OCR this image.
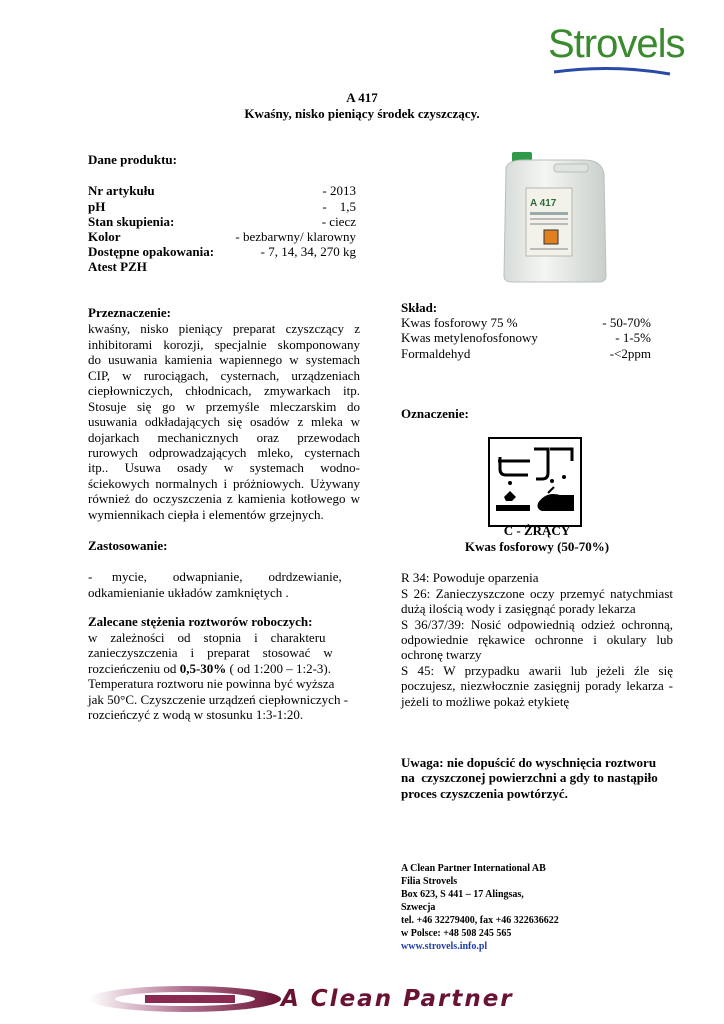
Strovels
A 417
Kwaśny, nisko pieniący środek czyszczący.
Dane produktu:
Nr artykułu	- 2013
pH	-    1,5
Stan skupienia:	- ciecz
Kolor	- bezbarwny/ klarowny
Dostępne opakowania:	- 7, 14, 34, 270 kg
Atest PZH
A 417
Przeznaczenie:
kwaśny, nisko pieniący preparat czyszczący z
inhibitorami korozji, specjalnie skomponowany
do usuwania kamienia wapiennego w systemach
CIP, w rurociągach, cysternach, urządzeniach
ciepłowniczych, chłodnicach, zmywarkach itp.
Stosuje się go w przemyśle mleczarskim do
usuwania odkładających się osadów z mleka w
dojarkach mechanicznych oraz przewodach
rurowych odprowadzających mleko, cysternach
itp.. Usuwa osady w systemach wodno-
ściekowych normalnych i próżniowych. Używany
również do oczyszczenia z kamienia kotłowego w
wymiennikach ciepła i elementów grzejnych.
Zastosowanie:
-      mycie,        odwapnianie,        odrdzewianie,
odkamienianie układów zamkniętych .
Zalecane stężenia roztworów roboczych:
w    zależności    od    stopnia    i    charakteru
zanieczyszczenia    i    preparat    stosować    w
rozcieńczeniu od 0,5-30% ( od 1:200 – 1:2-3).
Temperatura roztworu nie powinna być wyższa
jak 50°C. Czyszczenie urządzeń ciepłowniczych -
rozcieńczyć z wodą w stosunku 1:3-1:20.
Skład:
Kwas fosforowy 75 %	- 50-70%
Kwas metylenofosfonowy	- 1-5%
Formaldehyd	-<2ppm
Oznaczenie:
C - ŻRĄCY
Kwas fosforowy (50-70%)
R 34: Powoduje oparzenia
S 26: Zanieczyszczone oczy przemyć natychmiast
dużą ilością wody i zasięgnąć porady lekarza
S 36/37/39: Nosić odpowiednią odzież ochronną,
odpowiednie rękawice ochronne i okulary lub
ochronę twarzy
S 45: W przypadku awarii lub jeżeli źle się
poczujesz, niezwłocznie zasięgnij porady lekarza -
jeżeli to możliwe pokaż etykietę
Uwaga: nie dopuścić do wyschnięcia roztworu
na  czyszczonej powierzchni a gdy to nastąpiło
proces czyszczenia powtórzyć.
A Clean Partner International AB
Filia Strovels
Box 623, S 441 – 17 Alingsas,
Szwecja
tel. +46 32279400, fax +46 322636622
w Polsce: +48 508 245 565
www.strovels.info.pl
A Clean Partner
